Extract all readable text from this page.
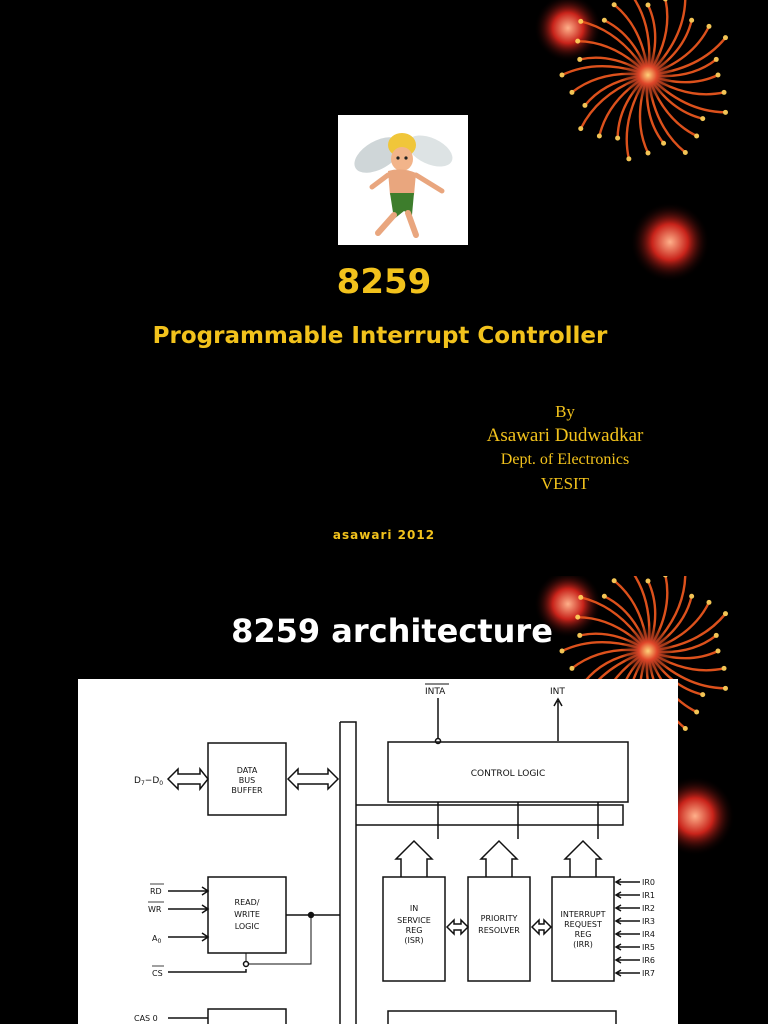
8259
Programmable Interrupt Controller
By
Asawari Dudwadkar
Dept. of Electronics
VESIT
asawari 2012
8259 architecture
INTA	INT
CONTROL LOGIC
DATA
BUS
BUFFER
$D_7-D_0$
READ/
WRITE
LOGIC
RD
WR
$A_0$
CS
IN
SERVICE
REG
(ISR)
PRIORITY
RESOLVER
INTERRUPT
REQUEST
REG
(IRR)
IR0
IR1
IR2
IR3
IR4
IR5
IR6
IR7
CAS 0
